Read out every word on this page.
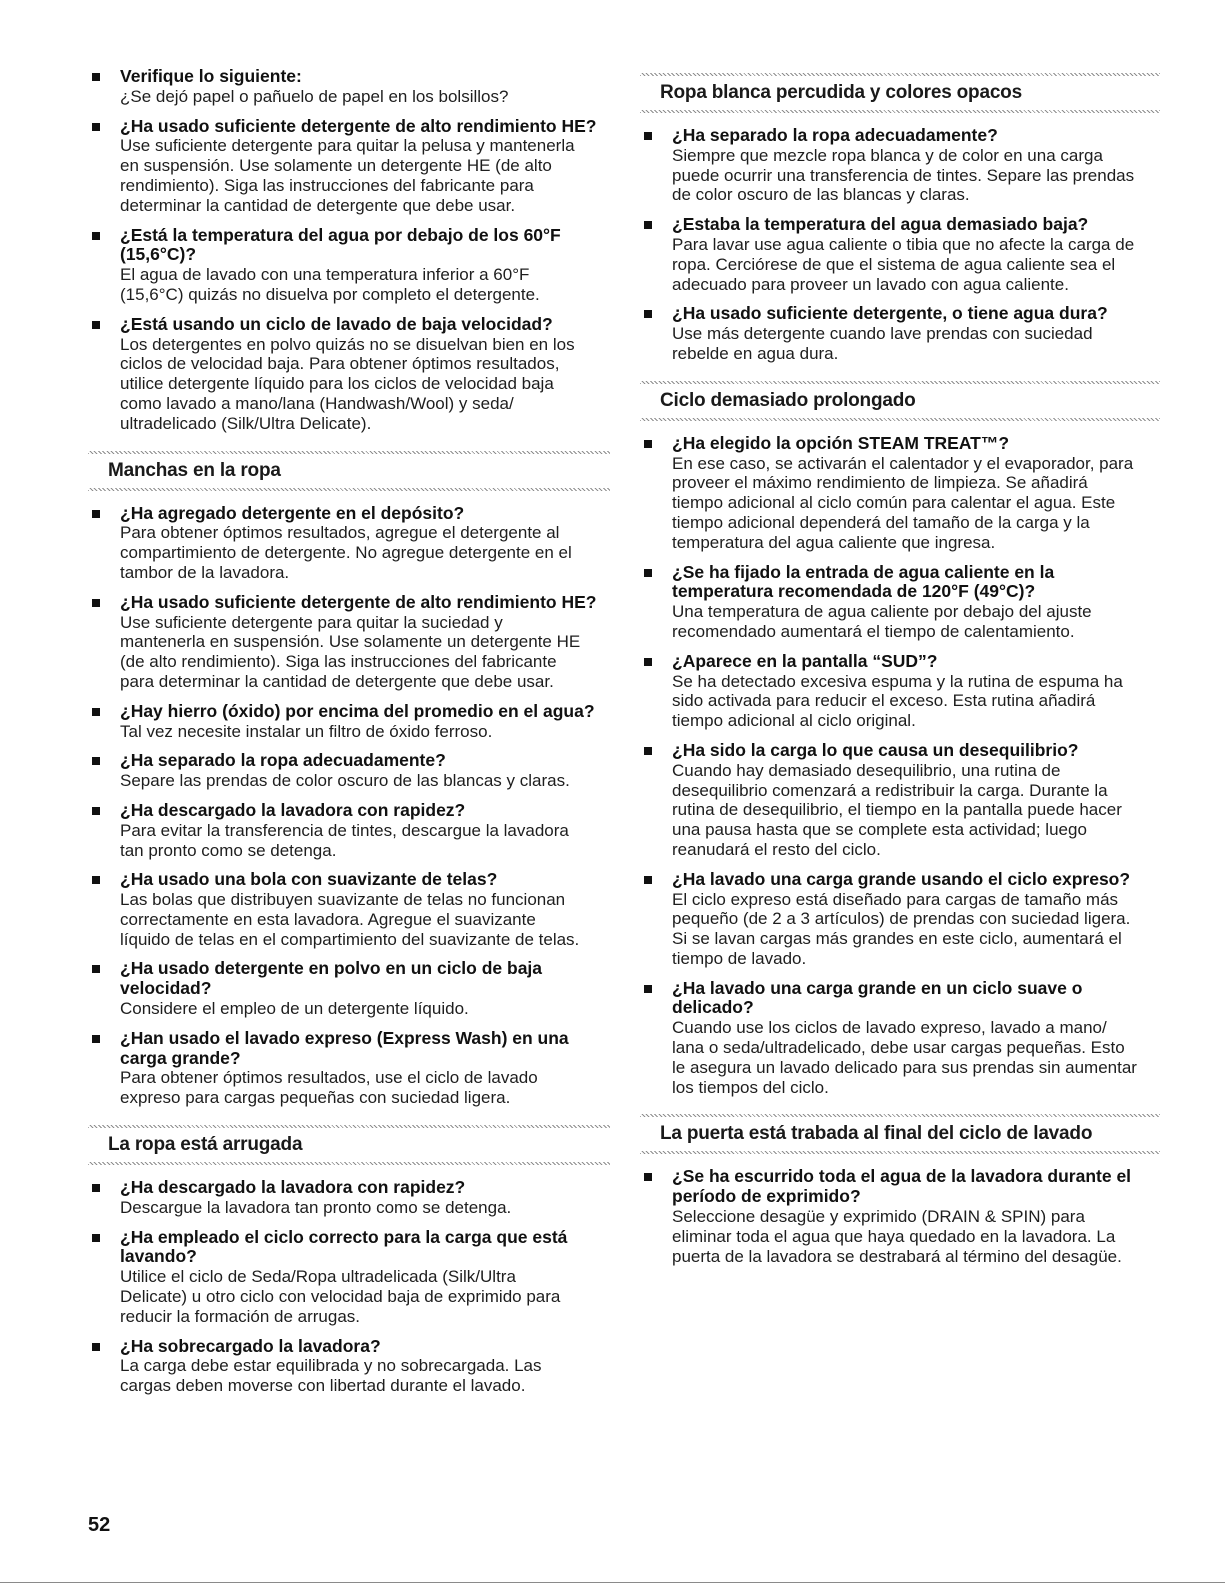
Verifique lo siguiente:
¿Se dejó papel o pañuelo de papel en los bolsillos?
¿Ha usado suficiente detergente de alto rendimiento HE?
Use suficiente detergente para quitar la pelusa y mantenerla
en suspensión. Use solamente un detergente HE (de alto
rendimiento). Siga las instrucciones del fabricante para
determinar la cantidad de detergente que debe usar.
¿Está la temperatura del agua por debajo de los 60°F
(15,6°C)?
El agua de lavado con una temperatura inferior a 60°F
(15,6°C) quizás no disuelva por completo el detergente.
¿Está usando un ciclo de lavado de baja velocidad?
Los detergentes en polvo quizás no se disuelvan bien en los
ciclos de velocidad baja. Para obtener óptimos resultados,
utilice detergente líquido para los ciclos de velocidad baja
como lavado a mano/lana (Handwash/Wool) y seda/
ultradelicado (Silk/Ultra Delicate).
Manchas en la ropa
¿Ha agregado detergente en el depósito?
Para obtener óptimos resultados, agregue el detergente al
compartimiento de detergente. No agregue detergente en el
tambor de la lavadora.
¿Ha usado suficiente detergente de alto rendimiento HE?
Use suficiente detergente para quitar la suciedad y
mantenerla en suspensión. Use solamente un detergente HE
(de alto rendimiento). Siga las instrucciones del fabricante
para determinar la cantidad de detergente que debe usar.
¿Hay hierro (óxido) por encima del promedio en el agua?
Tal vez necesite instalar un filtro de óxido ferroso.
¿Ha separado la ropa adecuadamente?
Separe las prendas de color oscuro de las blancas y claras.
¿Ha descargado la lavadora con rapidez?
Para evitar la transferencia de tintes, descargue la lavadora
tan pronto como se detenga.
¿Ha usado una bola con suavizante de telas?
Las bolas que distribuyen suavizante de telas no funcionan
correctamente en esta lavadora. Agregue el suavizante
líquido de telas en el compartimiento del suavizante de telas.
¿Ha usado detergente en polvo en un ciclo de baja
velocidad?
Considere el empleo de un detergente líquido.
¿Han usado el lavado expreso (Express Wash) en una
carga grande?
Para obtener óptimos resultados, use el ciclo de lavado
expreso para cargas pequeñas con suciedad ligera.
La ropa está arrugada
¿Ha descargado la lavadora con rapidez?
Descargue la lavadora tan pronto como se detenga.
¿Ha empleado el ciclo correcto para la carga que está
lavando?
Utilice el ciclo de Seda/Ropa ultradelicada (Silk/Ultra
Delicate) u otro ciclo con velocidad baja de exprimido para
reducir la formación de arrugas.
¿Ha sobrecargado la lavadora?
La carga debe estar equilibrada y no sobrecargada. Las
cargas deben moverse con libertad durante el lavado.
Ropa blanca percudida y colores opacos
¿Ha separado la ropa adecuadamente?
Siempre que mezcle ropa blanca y de color en una carga
puede ocurrir una transferencia de tintes. Separe las prendas
de color oscuro de las blancas y claras.
¿Estaba la temperatura del agua demasiado baja?
Para lavar use agua caliente o tibia que no afecte la carga de
ropa. Cerciórese de que el sistema de agua caliente sea el
adecuado para proveer un lavado con agua caliente.
¿Ha usado suficiente detergente, o tiene agua dura?
Use más detergente cuando lave prendas con suciedad
rebelde en agua dura.
Ciclo demasiado prolongado
¿Ha elegido la opción STEAM TREAT™?
En ese caso, se activarán el calentador y el evaporador, para
proveer el máximo rendimiento de limpieza. Se añadirá
tiempo adicional al ciclo común para calentar el agua. Este
tiempo adicional dependerá del tamaño de la carga y la
temperatura del agua caliente que ingresa.
¿Se ha fijado la entrada de agua caliente en la
temperatura recomendada de 120°F (49°C)?
Una temperatura de agua caliente por debajo del ajuste
recomendado aumentará el tiempo de calentamiento.
¿Aparece en la pantalla “SUD”?
Se ha detectado excesiva espuma y la rutina de espuma ha
sido activada para reducir el exceso. Esta rutina añadirá
tiempo adicional al ciclo original.
¿Ha sido la carga lo que causa un desequilibrio?
Cuando hay demasiado desequilibrio, una rutina de
desequilibrio comenzará a redistribuir la carga. Durante la
rutina de desequilibrio, el tiempo en la pantalla puede hacer
una pausa hasta que se complete esta actividad; luego
reanudará el resto del ciclo.
¿Ha lavado una carga grande usando el ciclo expreso?
El ciclo expreso está diseñado para cargas de tamaño más
pequeño (de 2 a 3 artículos) de prendas con suciedad ligera.
Si se lavan cargas más grandes en este ciclo, aumentará el
tiempo de lavado.
¿Ha lavado una carga grande en un ciclo suave o
delicado?
Cuando use los ciclos de lavado expreso, lavado a mano/
lana o seda/ultradelicado, debe usar cargas pequeñas. Esto
le asegura un lavado delicado para sus prendas sin aumentar
los tiempos del ciclo.
La puerta está trabada al final del ciclo de lavado
¿Se ha escurrido toda el agua de la lavadora durante el
período de exprimido?
Seleccione desagüe y exprimido (DRAIN & SPIN) para
eliminar toda el agua que haya quedado en la lavadora. La
puerta de la lavadora se destrabará al término del desagüe.
52
